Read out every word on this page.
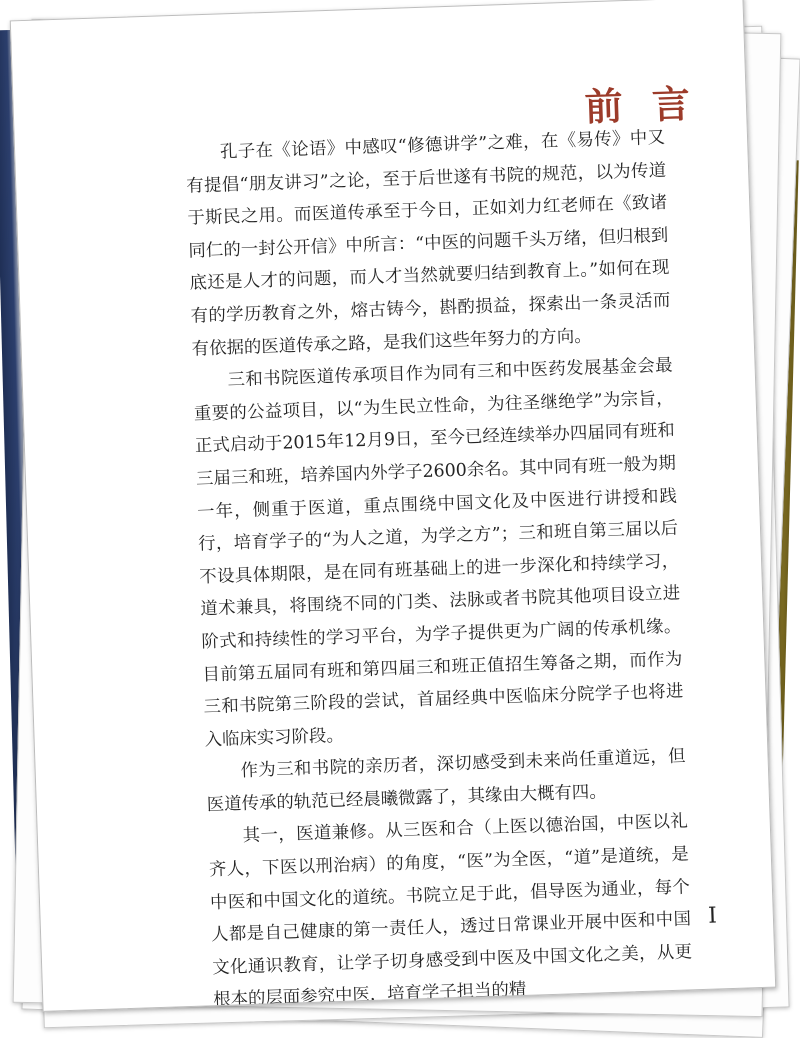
前 言

孔子在《论语》中感叹“修德讲学”之难，在《易传》中又有提倡“朋友讲习”之论，至于后世遂有书院的规范，以为传道于斯民之用。而医道传承至于今日，正如刘力红老师在《致诸同仁的一封公开信》中所言：“中医的问题千头万绪，但归根到底还是人才的问题，而人才当然就要归结到教育上。”如何在现有的学历教育之外，熔古铸今，斟酌损益，探索出一条灵活而有依据的医道传承之路，是我们这些年努力的方向。

三和书院医道传承项目作为同有三和中医药发展基金会最重要的公益项目，以“为生民立性命，为往圣继绝学”为宗旨，正式启动于2015年12月9日，至今已经连续举办四届同有班和三届三和班，培养国内外学子2600余名。其中同有班一般为期一年，侧重于医道，重点围绕中国文化及中医进行讲授和践行，培育学子的“为人之道，为学之方”；三和班自第三届以后不设具体期限，是在同有班基础上的进一步深化和持续学习，道术兼具，将围绕不同的门类、法脉或者书院其他项目设立进阶式和持续性的学习平台，为学子提供更为广阔的传承机缘。目前第五届同有班和第四届三和班正值招生筹备之期，而作为三和书院第三阶段的尝试，首届经典中医临床分院学子也将进入临床实习阶段。

作为三和书院的亲历者，深切感受到未来尚任重道远，但医道传承的轨范已经晨曦微露了，其缘由大概有四。

其一，医道兼修。从三医和合（上医以德治国，中医以礼齐人，下医以刑治病）的角度，“医”为全医，“道”是道统，是中医和中国文化的道统。书院立足于此，倡导医为通业，每个人都是自己健康的第一责任人，透过日常课业开展中医和中国文化通识教育，让学子切身感受到中医及中国文化之美，从更根本的层面参究中医，培育学子担当的精

I
